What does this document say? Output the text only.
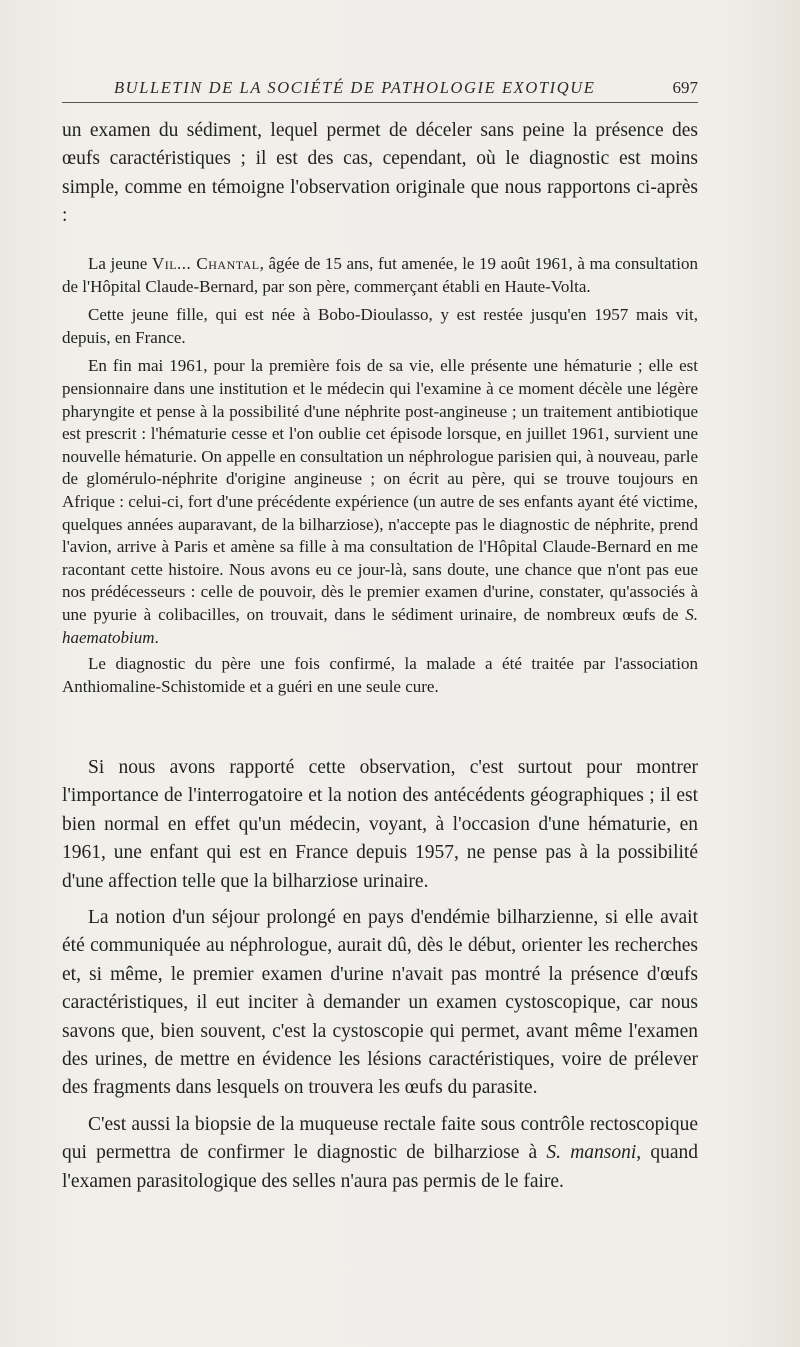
BULLETIN DE LA SOCIÉTÉ DE PATHOLOGIE EXOTIQUE	697

un examen du sédiment, lequel permet de déceler sans peine la présence des œufs caractéristiques ; il est des cas, cependant, où le diagnostic est moins simple, comme en témoigne l'observation originale que nous rapportons ci-après :

La jeune Vil... Chantal, âgée de 15 ans, fut amenée, le 19 août 1961, à ma consultation de l'Hôpital Claude-Bernard, par son père, commerçant établi en Haute-Volta.

Cette jeune fille, qui est née à Bobo-Dioulasso, y est restée jusqu'en 1957 mais vit, depuis, en France.

En fin mai 1961, pour la première fois de sa vie, elle présente une hématurie ; elle est pensionnaire dans une institution et le médecin qui l'examine à ce moment décèle une légère pharyngite et pense à la possibilité d'une néphrite post-angineuse ; un traitement antibiotique est prescrit : l'hématurie cesse et l'on oublie cet épisode lorsque, en juillet 1961, survient une nouvelle hématurie. On appelle en consultation un néphrologue parisien qui, à nouveau, parle de glomérulo-néphrite d'origine angineuse ; on écrit au père, qui se trouve toujours en Afrique : celui-ci, fort d'une précédente expérience (un autre de ses enfants ayant été victime, quelques années auparavant, de la bilharziose), n'accepte pas le diagnostic de néphrite, prend l'avion, arrive à Paris et amène sa fille à ma consultation de l'Hôpital Claude-Bernard en me racontant cette histoire. Nous avons eu ce jour-là, sans doute, une chance que n'ont pas eue nos prédécesseurs : celle de pouvoir, dès le premier examen d'urine, constater, qu'associés à une pyurie à colibacilles, on trouvait, dans le sédiment urinaire, de nombreux œufs de S. haematobium.

Le diagnostic du père une fois confirmé, la malade a été traitée par l'association Anthiomaline-Schistomide et a guéri en une seule cure.

Si nous avons rapporté cette observation, c'est surtout pour montrer l'importance de l'interrogatoire et la notion des antécédents géographiques ; il est bien normal en effet qu'un médecin, voyant, à l'occasion d'une hématurie, en 1961, une enfant qui est en France depuis 1957, ne pense pas à la possibilité d'une affection telle que la bilharziose urinaire.

La notion d'un séjour prolongé en pays d'endémie bilharzienne, si elle avait été communiquée au néphrologue, aurait dû, dès le début, orienter les recherches et, si même, le premier examen d'urine n'avait pas montré la présence d'œufs caractéristiques, il eut inciter à demander un examen cystoscopique, car nous savons que, bien souvent, c'est la cystoscopie qui permet, avant même l'examen des urines, de mettre en évidence les lésions caractéristiques, voire de prélever des fragments dans lesquels on trouvera les œufs du parasite.

C'est aussi la biopsie de la muqueuse rectale faite sous contrôle rectoscopique qui permettra de confirmer le diagnostic de bilharziose à S. mansoni, quand l'examen parasitologique des selles n'aura pas permis de le faire.
